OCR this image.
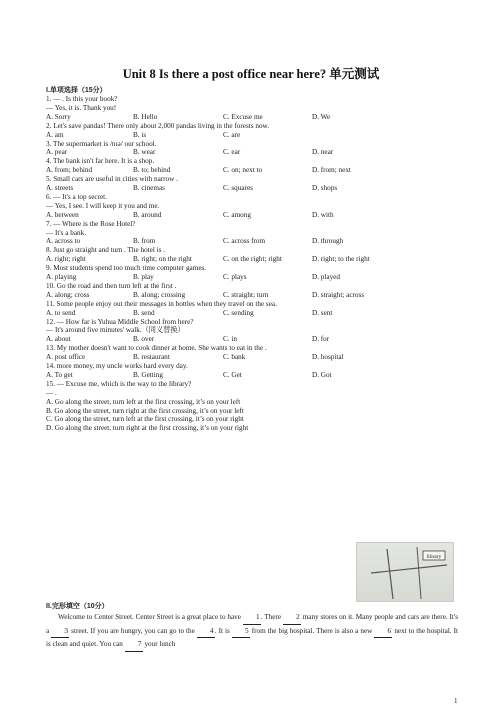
Unit 8 Is there a post office near here? 单元测试
I.单项选择（15分）
1. — . Is this your book?
— Yes, it is. Thank you!
A. Sorry	B. Hello	C. Excuse me	D. We
2. Let's save pandas! There only about 2,000 pandas living in the forests now.
A. am	B. is	C. are
3. The supermarket is /nɪə/ our school.
A. pear	B. wear	C. ear	D. near
4. The bank isn't far here. It is a shop.
A. from; behind	B. to; behind	C. on; next to	D. from; next
5. Small cars are useful in cities with narrow .
A. streets	B. cinemas	C. squares	D. shops
6. — It's a top secret.
— Yes, I see. I will keep it you and me.
A. between	B. around	C. among	D. with
7. — Where is the Rose Hotel?
— It's a bank.
A. across to	B. from	C. across from	D. through
8. Just go straight and turn . The hotel is .
A. right; right	B. right; on the right	C. on the right; right	D. right; to the right
9. Most students spend too much time computer games.
A. playing	B. play	C. plays	D. played
10. Go the road and then turn left at the first .
A. along; cross	B. along; crossing	C. straight; turn	D. straight; across
11. Some people enjoy out their messages in bottles when they travel on the sea.
A. to send	B. send	C. sending	D. sent
12. — How far is Yuhua Middle School from here?
— It's around five minutes' walk.（同义替换）
A. about	B. over	C. in	D. for
13. My mother doesn't want to cook dinner at home. She wants to eat in the .
A. post office	B. restaurant	C. bank	D. hospital
14. more money, my uncle works hard every day.
A. To get	B. Getting	C. Get	D. Got
15. — Excuse me, which is the way to the library?
— .
A. Go along the street, turn left at the first crossing, it’s on your left
B. Go along the street, turn right at the first crossing, it’s on your left
C. Go along the street, turn left at the first crossing, it’s on your right
D. Go along the street, turn right at the first crossing, it’s on your right
library
II.完形填空（10分）
Welcome to Center Street. Center Street is a great place to have 1. There 2 many stores on it. Many people and cars are there. It's a 3 street. If you are hungry, you can go to the 4. It is 5 from the big hospital. There is also a new 6 next to the hospital. It is clean and quiet. You can 7 your lunch
1
